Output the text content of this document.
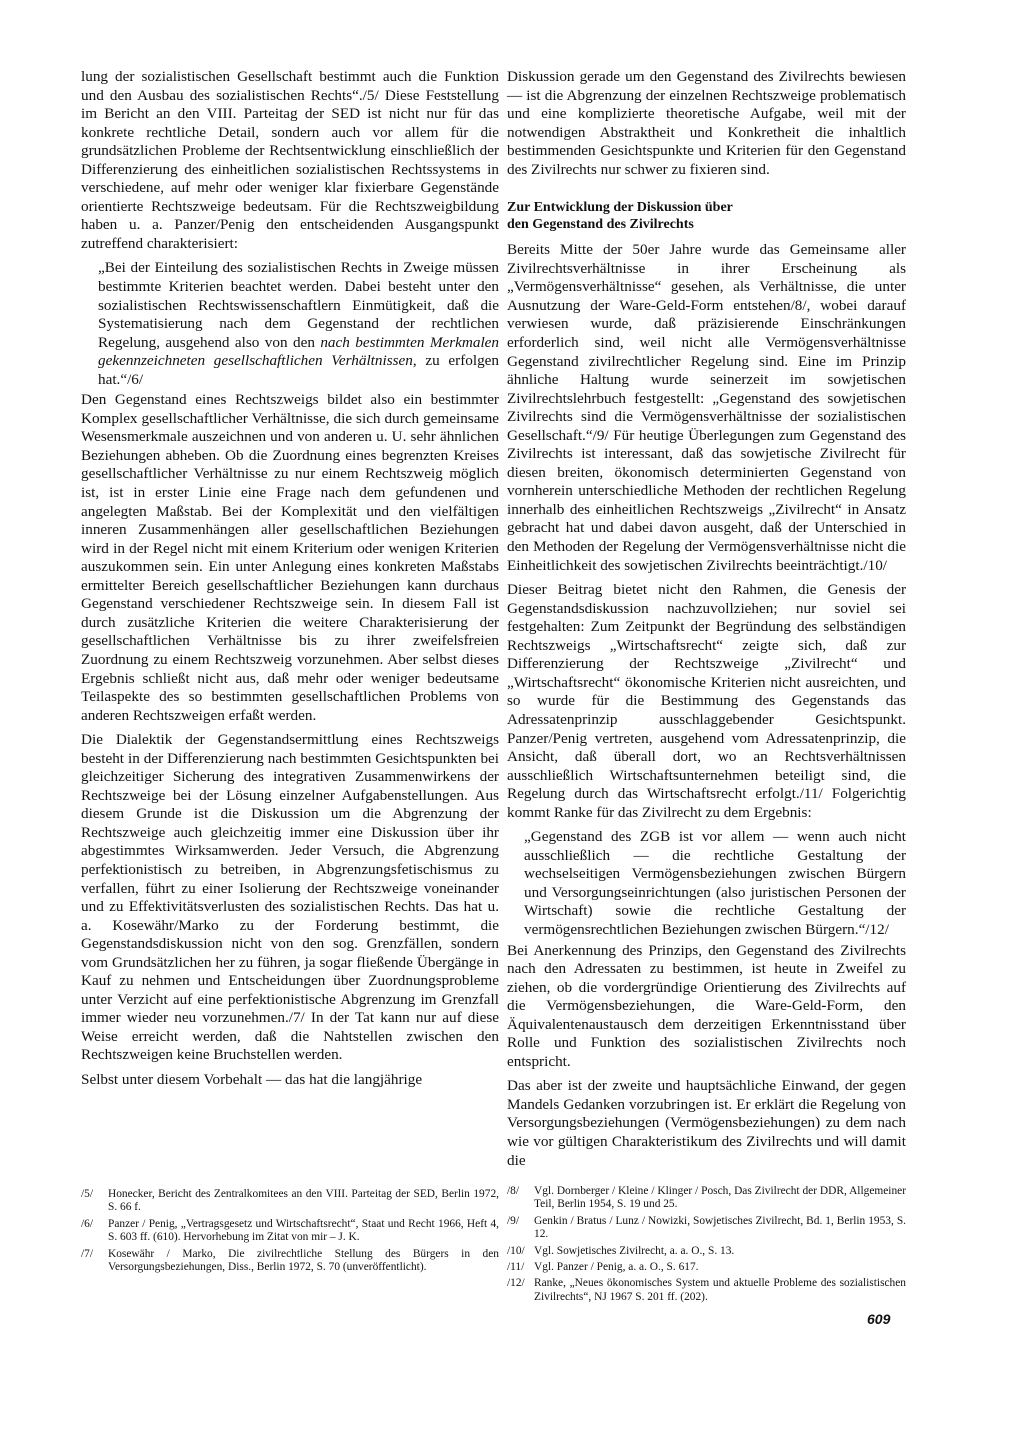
lung der sozialistischen Gesellschaft bestimmt auch die Funktion und den Ausbau des sozialistischen Rechts“./5/ Diese Feststellung im Bericht an den VIII. Parteitag der SED ist nicht nur für das konkrete rechtliche Detail, sondern auch vor allem für die grundsätzlichen Probleme der Rechtsentwicklung einschließlich der Differenzierung des einheitlichen sozialistischen Rechtssystems in verschiedene, auf mehr oder weniger klar fixierbare Gegenstände orientierte Rechtszweige bedeutsam. Für die Rechtszweigbildung haben u. a. Panzer/Penig den entscheidenden Ausgangspunkt zutreffend charakterisiert:

„Bei der Einteilung des sozialistischen Rechts in Zweige müssen bestimmte Kriterien beachtet werden. Dabei besteht unter den sozialistischen Rechtswissenschaftlern Einmütigkeit, daß die Systematisierung nach dem Gegenstand der rechtlichen Regelung, ausgehend also von den nach bestimmten Merkmalen gekennzeichneten gesellschaftlichen Verhältnissen, zu erfolgen hat.“/6/

Den Gegenstand eines Rechtszweigs bildet also ein bestimmter Komplex gesellschaftlicher Verhältnisse, die sich durch gemeinsame Wesensmerkmale auszeichnen und von anderen u. U. sehr ähnlichen Beziehungen abheben. Ob die Zuordnung eines begrenzten Kreises gesellschaftlicher Verhältnisse zu nur einem Rechtszweig möglich ist, ist in erster Linie eine Frage nach dem gefundenen und angelegten Maßstab. Bei der Komplexität und den vielfältigen inneren Zusammenhängen aller gesellschaftlichen Beziehungen wird in der Regel nicht mit einem Kriterium oder wenigen Kriterien auszukommen sein. Ein unter Anlegung eines konkreten Maßstabs ermittelter Bereich gesellschaftlicher Beziehungen kann durchaus Gegenstand verschiedener Rechtszweige sein. In diesem Fall ist durch zusätzliche Kriterien die weitere Charakterisierung der gesellschaftlichen Verhältnisse bis zu ihrer zweifelsfreien Zuordnung zu einem Rechtszweig vorzunehmen. Aber selbst dieses Ergebnis schließt nicht aus, daß mehr oder weniger bedeutsame Teilaspekte des so bestimmten gesellschaftlichen Problems von anderen Rechtszweigen erfaßt werden.

Die Dialektik der Gegenstandsermittlung eines Rechtszweigs besteht in der Differenzierung nach bestimmten Gesichtspunkten bei gleichzeitiger Sicherung des integrativen Zusammenwirkens der Rechtszweige bei der Lösung einzelner Aufgabenstellungen. Aus diesem Grunde ist die Diskussion um die Abgrenzung der Rechtszweige auch gleichzeitig immer eine Diskussion über ihr abgestimmtes Wirksamwerden. Jeder Versuch, die Abgrenzung perfektionistisch zu betreiben, in Abgrenzungsfetischismus zu verfallen, führt zu einer Isolierung der Rechtszweige voneinander und zu Effektivitätsverlusten des sozialistischen Rechts. Das hat u. a. Kosewähr/Marko zu der Forderung bestimmt, die Gegenstandsdiskussion nicht von den sog. Grenzfällen, sondern vom Grundsätzlichen her zu führen, ja sogar fließende Übergänge in Kauf zu nehmen und Entscheidungen über Zuordnungsprobleme unter Verzicht auf eine perfektionistische Abgrenzung im Grenzfall immer wieder neu vorzunehmen./7/ In der Tat kann nur auf diese Weise erreicht werden, daß die Nahtstellen zwischen den Rechtszweigen keine Bruchstellen werden.

Selbst unter diesem Vorbehalt — das hat die langjährige

Diskussion gerade um den Gegenstand des Zivilrechts bewiesen — ist die Abgrenzung der einzelnen Rechtszweige problematisch und eine komplizierte theoretische Aufgabe, weil mit der notwendigen Abstraktheit und Konkretheit die inhaltlich bestimmenden Gesichtspunkte und Kriterien für den Gegenstand des Zivilrechts nur schwer zu fixieren sind.

Zur Entwicklung der Diskussion über
den Gegenstand des Zivilrechts

Bereits Mitte der 50er Jahre wurde das Gemeinsame aller Zivilrechtsverhältnisse in ihrer Erscheinung als „Vermögensverhältnisse“ gesehen, als Verhältnisse, die unter Ausnutzung der Ware-Geld-Form entstehen/8/, wobei darauf verwiesen wurde, daß präzisierende Einschränkungen erforderlich sind, weil nicht alle Vermögensverhältnisse Gegenstand zivilrechtlicher Regelung sind. Eine im Prinzip ähnliche Haltung wurde seinerzeit im sowjetischen Zivilrechtslehrbuch festgestellt: „Gegenstand des sowjetischen Zivilrechts sind die Vermögensverhältnisse der sozialistischen Gesellschaft.“/9/ Für heutige Überlegungen zum Gegenstand des Zivilrechts ist interessant, daß das sowjetische Zivilrecht für diesen breiten, ökonomisch determinierten Gegenstand von vornherein unterschiedliche Methoden der rechtlichen Regelung innerhalb des einheitlichen Rechtszweigs „Zivilrecht“ in Ansatz gebracht hat und dabei davon ausgeht, daß der Unterschied in den Methoden der Regelung der Vermögensverhältnisse nicht die Einheitlichkeit des sowjetischen Zivilrechts beeinträchtigt./10/

Dieser Beitrag bietet nicht den Rahmen, die Genesis der Gegenstandsdiskussion nachzuvollziehen; nur soviel sei festgehalten: Zum Zeitpunkt der Begründung des selbständigen Rechtszweigs „Wirtschaftsrecht“ zeigte sich, daß zur Differenzierung der Rechtszweige „Zivilrecht“ und „Wirtschaftsrecht“ ökonomische Kriterien nicht ausreichten, und so wurde für die Bestimmung des Gegenstands das Adressatenprinzip ausschlaggebender Gesichtspunkt. Panzer/Penig vertreten, ausgehend vom Adressatenprinzip, die Ansicht, daß überall dort, wo an Rechtsverhältnissen ausschließlich Wirtschaftsunternehmen beteiligt sind, die Regelung durch das Wirtschaftsrecht erfolgt./11/ Folgerichtig kommt Ranke für das Zivilrecht zu dem Ergebnis:

„Gegenstand des ZGB ist vor allem — wenn auch nicht ausschließlich — die rechtliche Gestaltung der wechselseitigen Vermögensbeziehungen zwischen Bürgern und Versorgungseinrichtungen (also juristischen Personen der Wirtschaft) sowie die rechtliche Gestaltung der vermögensrechtlichen Beziehungen zwischen Bürgern.“/12/

Bei Anerkennung des Prinzips, den Gegenstand des Zivilrechts nach den Adressaten zu bestimmen, ist heute in Zweifel zu ziehen, ob die vordergründige Orientierung des Zivilrechts auf die Vermögensbeziehungen, die Ware-Geld-Form, den Äquivalentenaustausch dem derzeitigen Erkenntnisstand über Rolle und Funktion des sozialistischen Zivilrechts noch entspricht.

Das aber ist der zweite und hauptsächliche Einwand, der gegen Mandels Gedanken vorzubringen ist. Er erklärt die Regelung von Versorgungsbeziehungen (Vermögensbeziehungen) zu dem nach wie vor gültigen Charakteristikum des Zivilrechts und will damit die

/5/ Honecker, Bericht des Zentralkomitees an den VIII. Parteitag der SED, Berlin 1972, S. 66 f.

/6/ Panzer / Penig, „Vertragsgesetz und Wirtschaftsrecht“, Staat und Recht 1966, Heft 4, S. 603 ff. (610). Hervorhebung im Zitat von mir – J. K.

/7/ Kosewähr / Marko, Die zivilrechtliche Stellung des Bürgers in den Versorgungsbeziehungen, Diss., Berlin 1972, S. 70 (unveröffentlicht).

/8/ Vgl. Dornberger / Kleine / Klinger / Posch, Das Zivilrecht der DDR, Allgemeiner Teil, Berlin 1954, S. 19 und 25.

/9/ Genkin / Bratus / Lunz / Nowizki, Sowjetisches Zivilrecht, Bd. 1, Berlin 1953, S. 12.

/10/ Vgl. Sowjetisches Zivilrecht, a. a. O., S. 13.

/11/ Vgl. Panzer / Penig, a. a. O., S. 617.

/12/ Ranke, „Neues ökonomisches System und aktuelle Probleme des sozialistischen Zivilrechts“, NJ 1967 S. 201 ff. (202).

609
